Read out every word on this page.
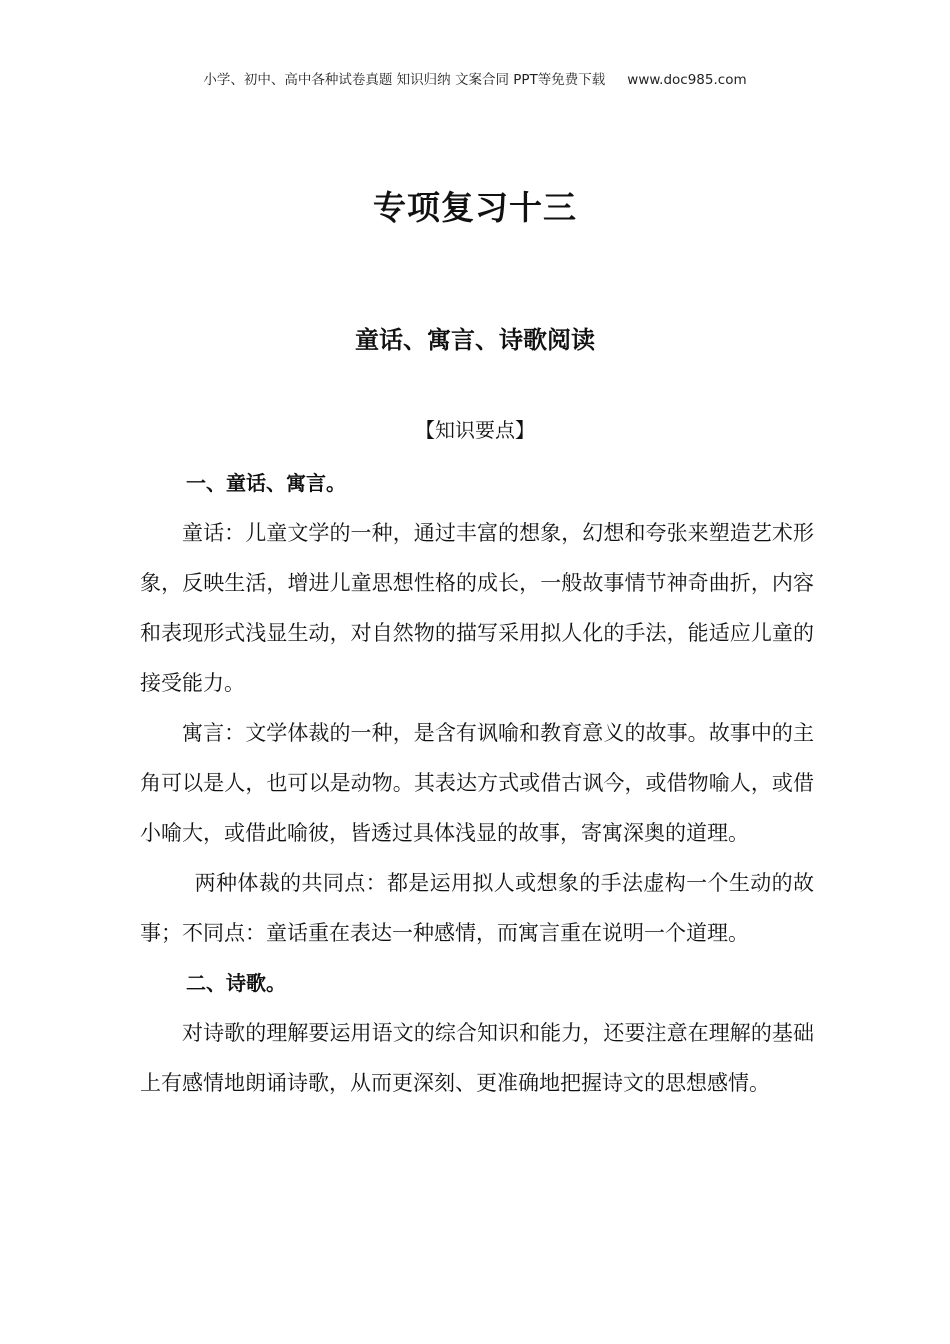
小学、初中、高中各种试卷真题 知识归纳 文案合同 PPT等免费下载 www.doc985.com
专项复习十三
童话、寓言、诗歌阅读
【知识要点】
一、童话、寓言。

童话：儿童文学的一种，通过丰富的想象，幻想和夸张来塑造艺术形象，反映生活，增进儿童思想性格的成长，一般故事情节神奇曲折，内容和表现形式浅显生动，对自然物的描写采用拟人化的手法，能适应儿童的接受能力。

寓言：文学体裁的一种，是含有讽喻和教育意义的故事。故事中的主角可以是人，也可以是动物。其表达方式或借古讽今，或借物喻人，或借小喻大，或借此喻彼，皆透过具体浅显的故事，寄寓深奥的道理。

两种体裁的共同点：都是运用拟人或想象的手法虚构一个生动的故事；不同点：童话重在表达一种感情，而寓言重在说明一个道理。

二、诗歌。

对诗歌的理解要运用语文的综合知识和能力，还要注意在理解的基础上有感情地朗诵诗歌，从而更深刻、更准确地把握诗文的思想感情。
